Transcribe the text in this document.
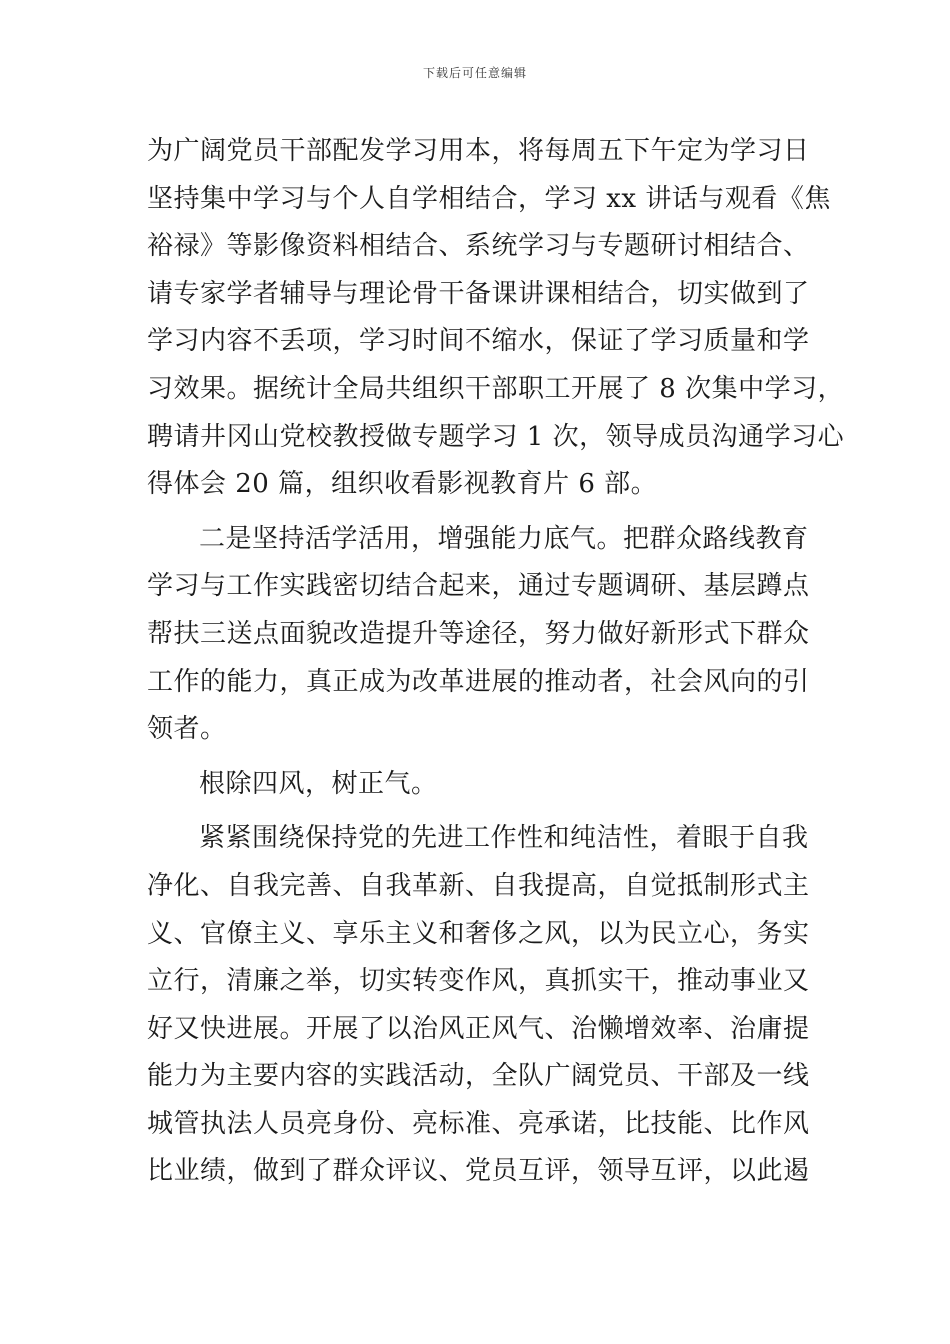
下载后可任意编辑
为广阔党员干部配发学习用本，将每周五下午定为学习日
坚持集中学习与个人自学相结合，学习 xx 讲话与观看《焦
裕禄》等影像资料相结合、系统学习与专题研讨相结合、
请专家学者辅导与理论骨干备课讲课相结合，切实做到了
学习内容不丢项，学习时间不缩水，保证了学习质量和学
习效果。据统计全局共组织干部职工开展了 8 次集中学习，
聘请井冈山党校教授做专题学习 1 次，领导成员沟通学习心
得体会 20 篇，组织收看影视教育片 6 部。
二是坚持活学活用，增强能力底气。把群众路线教育
学习与工作实践密切结合起来，通过专题调研、基层蹲点
帮扶三送点面貌改造提升等途径，努力做好新形式下群众
工作的能力，真正成为改革进展的推动者，社会风向的引
领者。
根除四风，树正气。
紧紧围绕保持党的先进工作性和纯洁性，着眼于自我
净化、自我完善、自我革新、自我提高，自觉抵制形式主
义、官僚主义、享乐主义和奢侈之风，以为民立心，务实
立行，清廉之举，切实转变作风，真抓实干，推动事业又
好又快进展。开展了以治风正风气、治懒增效率、治庸提
能力为主要内容的实践活动，全队广阔党员、干部及一线
城管执法人员亮身份、亮标准、亮承诺，比技能、比作风
比业绩，做到了群众评议、党员互评，领导互评，以此遏
